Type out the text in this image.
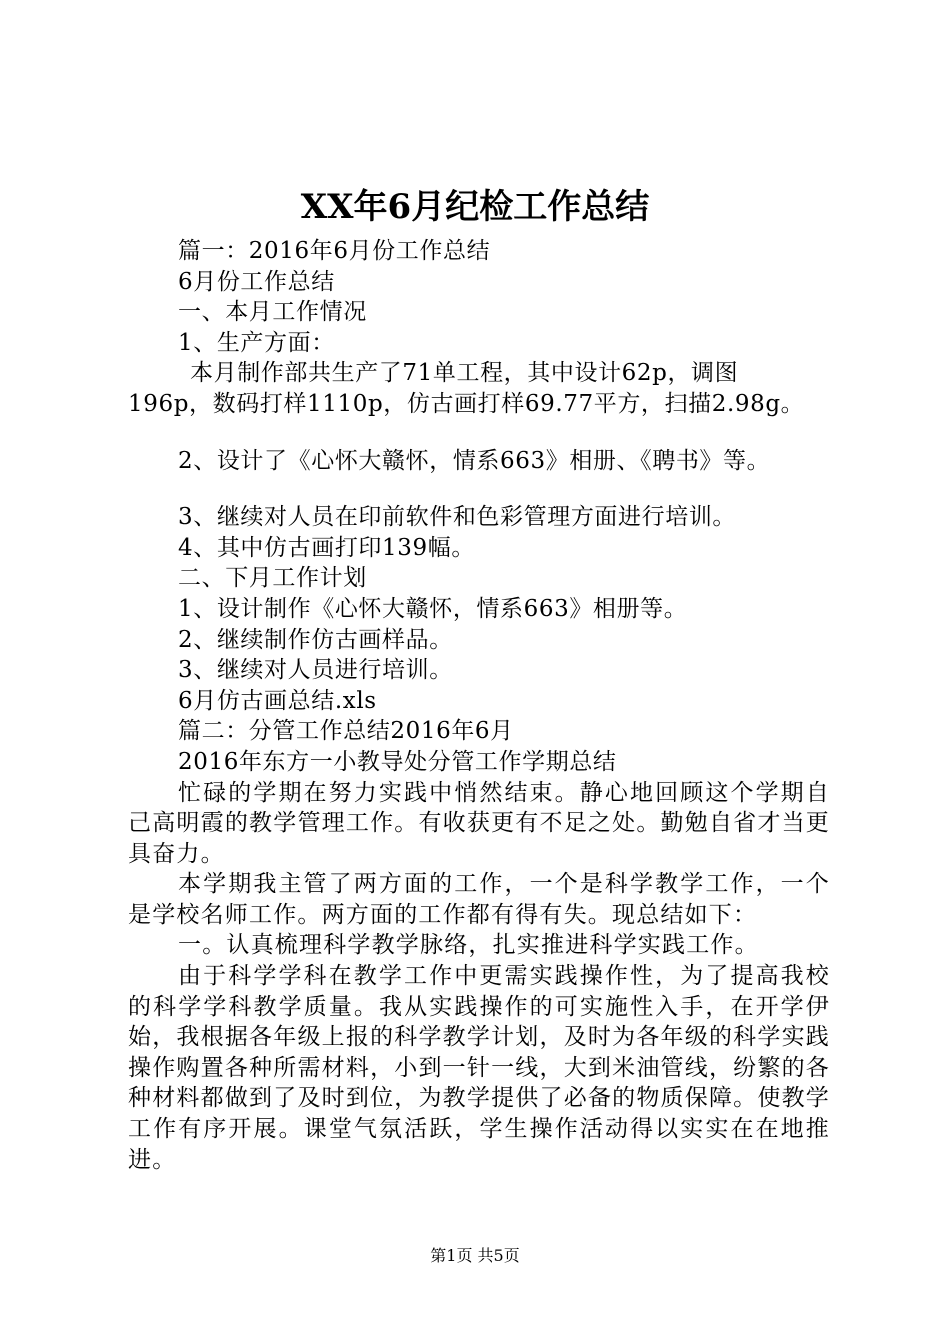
XX年6月纪检工作总结
篇一：2016年6月份工作总结
6月份工作总结
一、本月工作情况
1、生产方面：
本月制作部共生产了71单工程，其中设计62p，调图
196p，数码打样1110p，仿古画打样69.77平方，扫描2.98g。
2、设计了《心怀大赣怀，情系663》相册、《聘书》等。
3、继续对人员在印前软件和色彩管理方面进行培训。
4、其中仿古画打印139幅。
二、下月工作计划
1、设计制作《心怀大赣怀，情系663》相册等。
2、继续制作仿古画样品。
3、继续对人员进行培训。
6月仿古画总结.xls
篇二：分管工作总结2016年6月
2016年东方一小教导处分管工作学期总结
忙碌的学期在努力实践中悄然结束。静心地回顾这个学期自己高明霞的教学管理工作。有收获更有不足之处。勤勉自省才当更具奋力。
本学期我主管了两方面的工作，一个是科学教学工作，一个是学校名师工作。两方面的工作都有得有失。现总结如下：
一。认真梳理科学教学脉络，扎实推进科学实践工作。
由于科学学科在教学工作中更需实践操作性，为了提高我校的科学学科教学质量。我从实践操作的可实施性入手，在开学伊始，我根据各年级上报的科学教学计划，及时为各年级的科学实践操作购置各种所需材料，小到一针一线，大到米油管线，纷繁的各种材料都做到了及时到位，为教学提供了必备的物质保障。使教学工作有序开展。课堂气氛活跃，学生操作活动得以实实在在地推进。
第1页 共5页
